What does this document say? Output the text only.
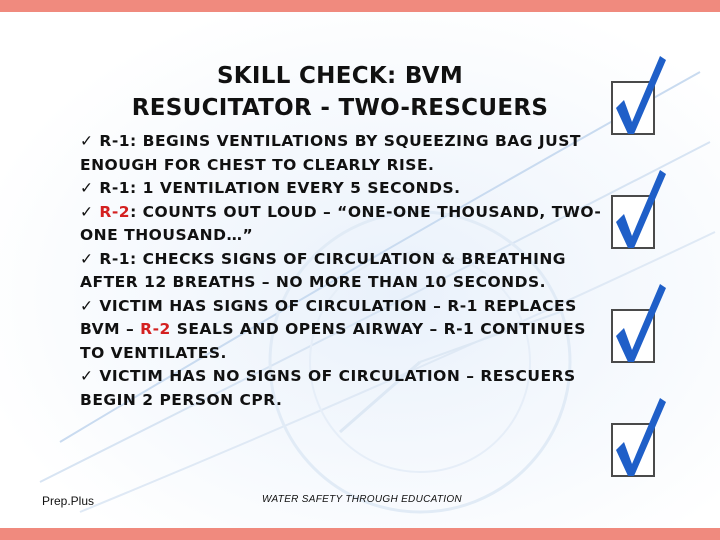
SKILL CHECK: BVM
RESUCITATOR - TWO-RESCUERS

✓ R-1: BEGINS VENTILATIONS BY SQUEEZING BAG JUST ENOUGH FOR CHEST TO CLEARLY RISE.

✓ R-1: 1 VENTILATION EVERY 5 SECONDS.

✓ R-2: COUNTS OUT LOUD – “ONE-ONE THOUSAND, TWO-ONE THOUSAND…”

✓ R-1: CHECKS SIGNS OF CIRCULATION & BREATHING AFTER 12 BREATHS – NO MORE THAN 10 SECONDS.

✓ VICTIM HAS SIGNS OF CIRCULATION – R-1 REPLACES BVM – R-2 SEALS AND OPENS AIRWAY – R-1 CONTINUES TO VENTILATES.

✓ VICTIM HAS NO SIGNS OF CIRCULATION – RESCUERS BEGIN 2 PERSON CPR.

Prep.Plus	WATER SAFETY THROUGH EDUCATION
